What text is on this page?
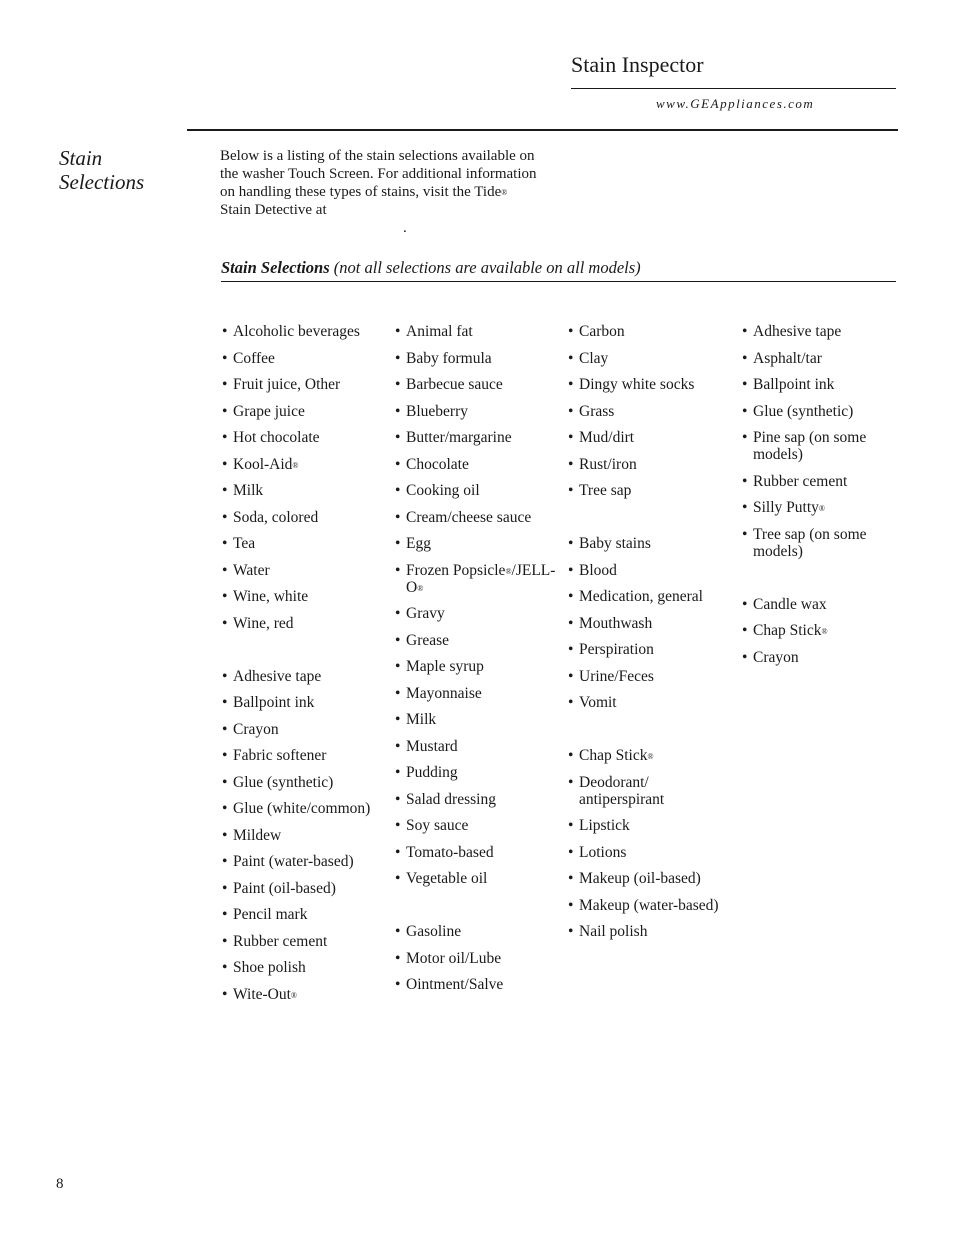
Stain Inspector
www.GEAppliances.com
Stain Selections
Below is a listing of the stain selections available on the washer Touch Screen. For additional information on handling these types of stains, visit the Tide® Stain Detective at
.
Stain Selections (not all selections are available on all models)
• Alcoholic beverages
• Coffee
• Fruit juice, Other
• Grape juice
• Hot chocolate
• Kool-Aid®
• Milk
• Soda, colored
• Tea
• Water
• Wine, white
• Wine, red
• Adhesive tape
• Ballpoint ink
• Crayon
• Fabric softener
• Glue (synthetic)
• Glue (white/common)
• Mildew
• Paint (water-based)
• Paint (oil-based)
• Pencil mark
• Rubber cement
• Shoe polish
• Wite-Out®
• Animal fat
• Baby formula
• Barbecue sauce
• Blueberry
• Butter/margarine
• Chocolate
• Cooking oil
• Cream/cheese sauce
• Egg
• Frozen Popsicle®/JELL-O®
• Gravy
• Grease
• Maple syrup
• Mayonnaise
• Milk
• Mustard
• Pudding
• Salad dressing
• Soy sauce
• Tomato-based
• Vegetable oil
• Gasoline
• Motor oil/Lube
• Ointment/Salve
• Carbon
• Clay
• Dingy white socks
• Grass
• Mud/dirt
• Rust/iron
• Tree sap
• Baby stains
• Blood
• Medication, general
• Mouthwash
• Perspiration
• Urine/Feces
• Vomit
• Chap Stick®
• Deodorant/ antiperspirant
• Lipstick
• Lotions
• Makeup (oil-based)
• Makeup (water-based)
• Nail polish
• Adhesive tape
• Asphalt/tar
• Ballpoint ink
• Glue (synthetic)
• Pine sap (on some models)
• Rubber cement
• Silly Putty®
• Tree sap (on some models)
• Candle wax
• Chap Stick®
• Crayon
8
